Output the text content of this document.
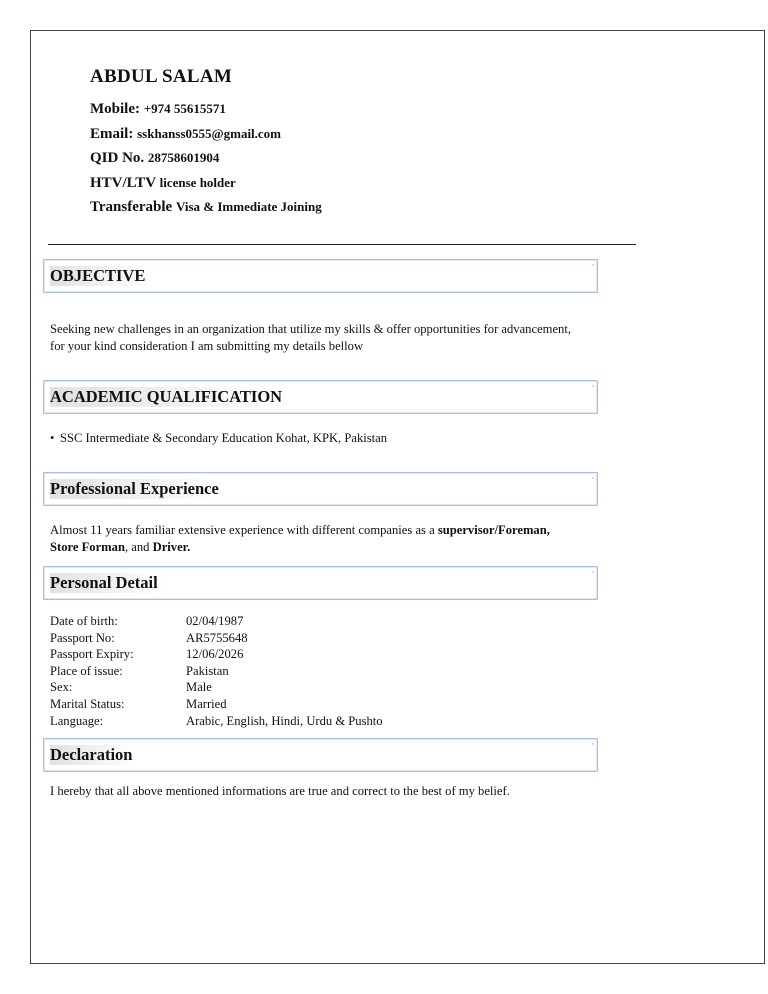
ABDUL SALAM
Mobile: +974 55615571
Email: sskhanss0555@gmail.com
QID No. 28758601904
HTV/LTV license holder
Transferable Visa & Immediate Joining
OBJECTIVE
▫
Seeking new challenges in an organization that utilize my skills & offer opportunities for advancement,
for your kind consideration I am submitting my details bellow
ACADEMIC QUALIFICATION
▫
• SSC Intermediate & Secondary Education Kohat, KPK, Pakistan
Professional Experience
▫
Almost 11 years familiar extensive experience with different companies as a supervisor/Foreman,
Store Forman, and Driver.
Personal Detail
▫
Date of birth:	02/04/1987
Passport No:	AR5755648
Passport Expiry:	12/06/2026
Place of issue:	Pakistan
Sex:	Male
Marital Status:	Married
Language:	Arabic, English, Hindi, Urdu & Pushto
Declaration
▫
I hereby that all above mentioned informations are true and correct to the best of my belief.
